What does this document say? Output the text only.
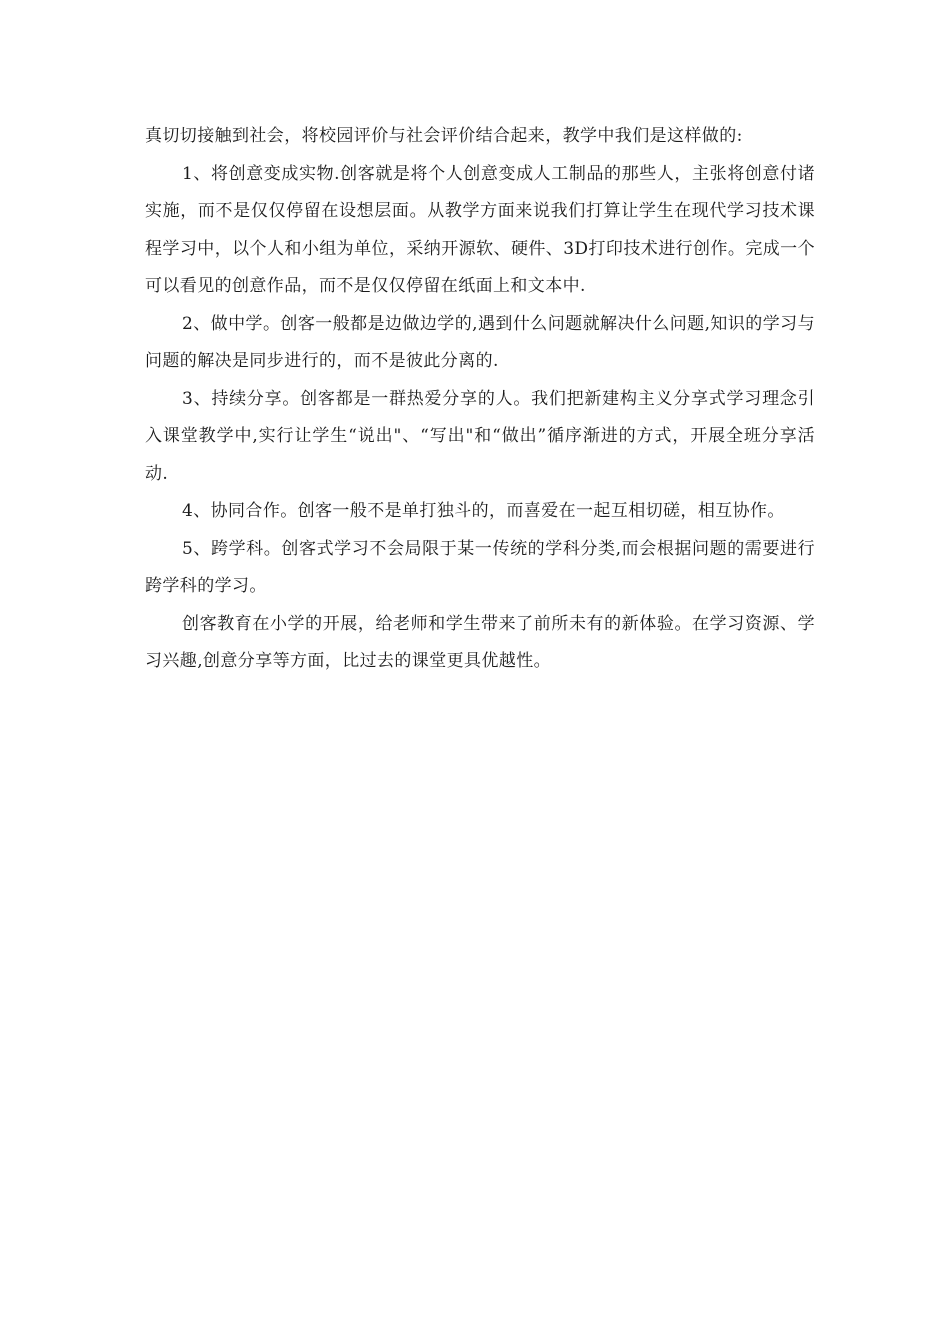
真切切接触到社会，将校园评价与社会评价结合起来，教学中我们是这样做的:

1、将创意变成实物.创客就是将个人创意变成人工制品的那些人，主张将创意付诸实施，而不是仅仅停留在设想层面。从教学方面来说我们打算让学生在现代学习技术课程学习中，以个人和小组为单位，采纳开源软、硬件、3D打印技术进行创作。完成一个可以看见的创意作品，而不是仅仅停留在纸面上和文本中.

2、做中学。创客一般都是边做边学的,遇到什么问题就解决什么问题,知识的学习与问题的解决是同步进行的，而不是彼此分离的.

3、持续分享。创客都是一群热爱分享的人。我们把新建构主义分享式学习理念引入课堂教学中,实行让学生“说出"、“写出"和“做出”循序渐进的方式，开展全班分享活动.

4、协同合作。创客一般不是单打独斗的，而喜爱在一起互相切磋，相互协作。

5、跨学科。创客式学习不会局限于某一传统的学科分类,而会根据问题的需要进行跨学科的学习。

创客教育在小学的开展，给老师和学生带来了前所未有的新体验。在学习资源、学习兴趣,创意分享等方面，比过去的课堂更具优越性。
